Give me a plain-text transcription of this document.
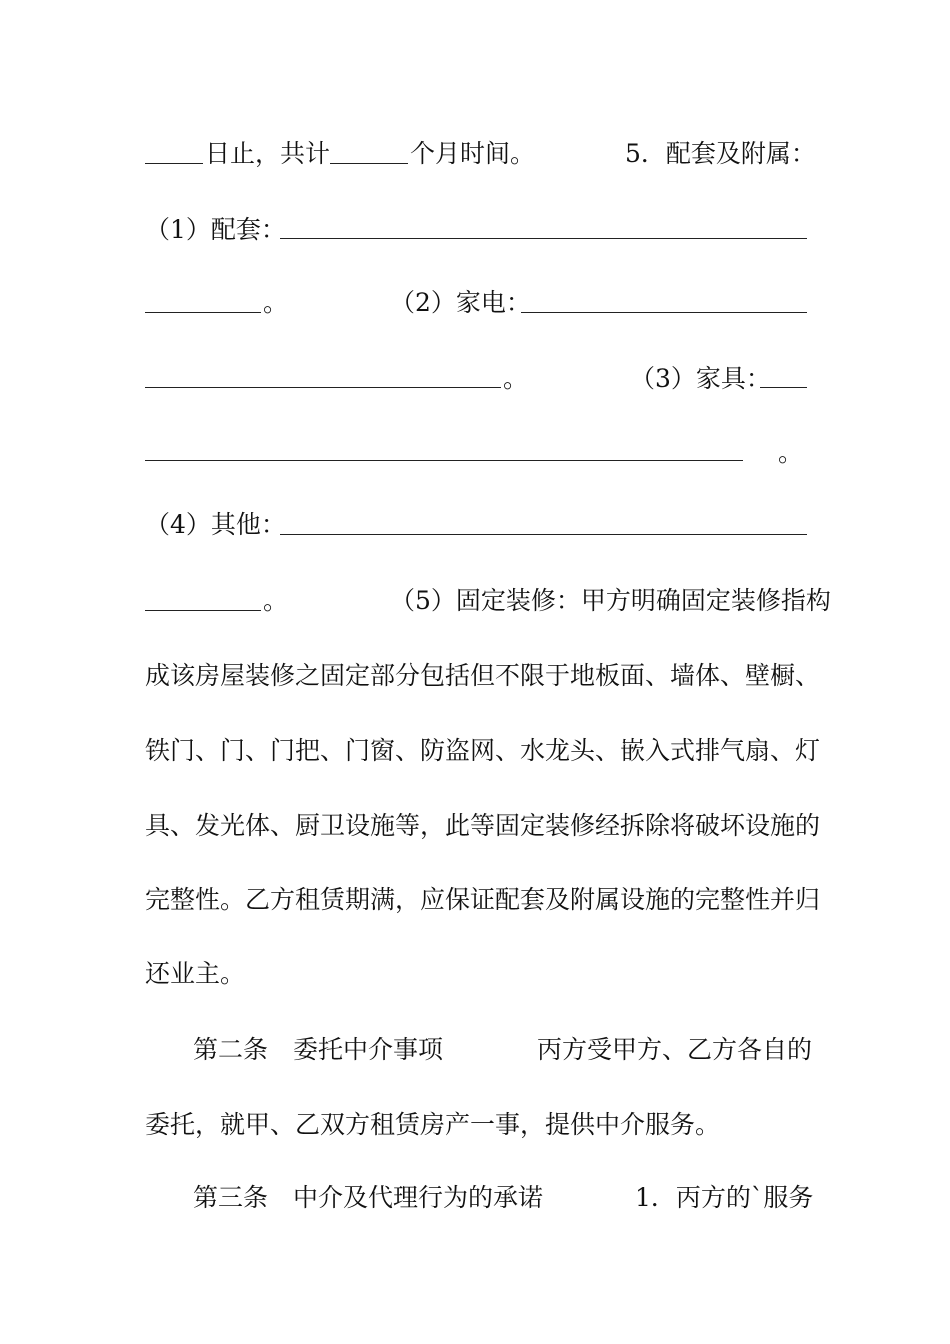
日止，共计	个月时间。	5．配套及附属：
（1）配套：
。	（2）家电：
。	（3）家具：
。
（4）其他：
。	（5）固定装修：甲方明确固定装修指构
成该房屋装修之固定部分包括但不限于地板面、墙体、壁橱、
铁门、门、门把、门窗、防盗网、水龙头、嵌入式排气扇、灯
具、发光体、厨卫设施等，此等固定装修经拆除将破坏设施的
完整性。乙方租赁期满，应保证配套及附属设施的完整性并归
还业主。
第二条　委托中介事项	丙方受甲方、乙方各自的
委托，就甲、乙双方租赁房产一事，提供中介服务。
第三条　中介及代理行为的承诺	1．丙方的`服务
